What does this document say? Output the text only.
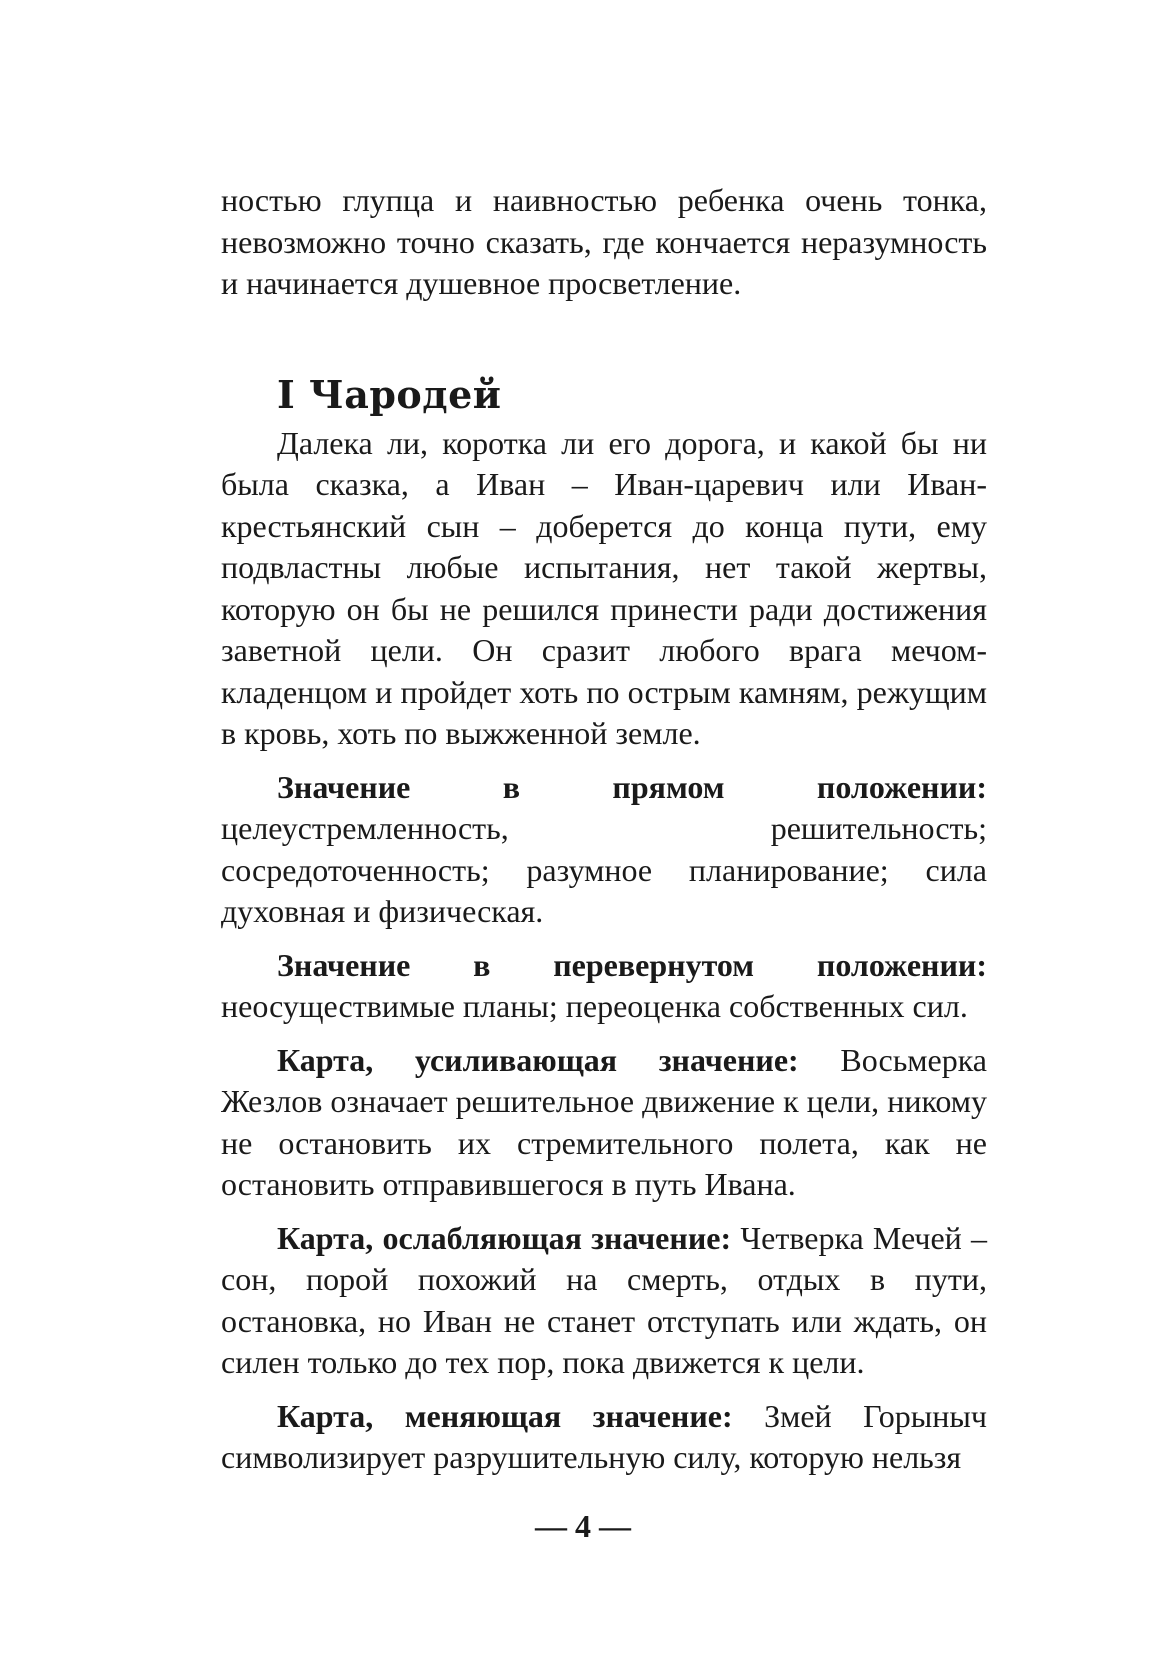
ностью глупца и наивностью ребенка очень тонка, невозможно точно сказать, где кончается неразумность и начинается душевное просветление.

I Чародей

Далека ли, коротка ли его дорога, и какой бы ни была сказка, а Иван – Иван-царевич или Иван-крестьянский сын – доберется до конца пути, ему подвластны любые испытания, нет такой жертвы, которую он бы не решился принести ради достижения заветной цели. Он сразит любого врага мечом-кладенцом и пройдет хоть по острым камням, режущим в кровь, хоть по выжженной земле.

Значение в прямом положении: целеустремленность, решительность; сосредоточенность; разумное планирование; сила духовная и физическая.

Значение в перевернутом положении: неосуществимые планы; переоценка собственных сил.

Карта, усиливающая значение: Восьмерка Жезлов означает решительное движение к цели, никому не остановить их стремительного полета, как не остановить отправившегося в путь Ивана.

Карта, ослабляющая значение: Четверка Мечей – сон, порой похожий на смерть, отдых в пути, остановка, но Иван не станет отступать или ждать, он силен только до тех пор, пока движется к цели.

Карта, меняющая значение: Змей Горыныч символизирует разрушительную силу, которую нельзя

— 4 —
